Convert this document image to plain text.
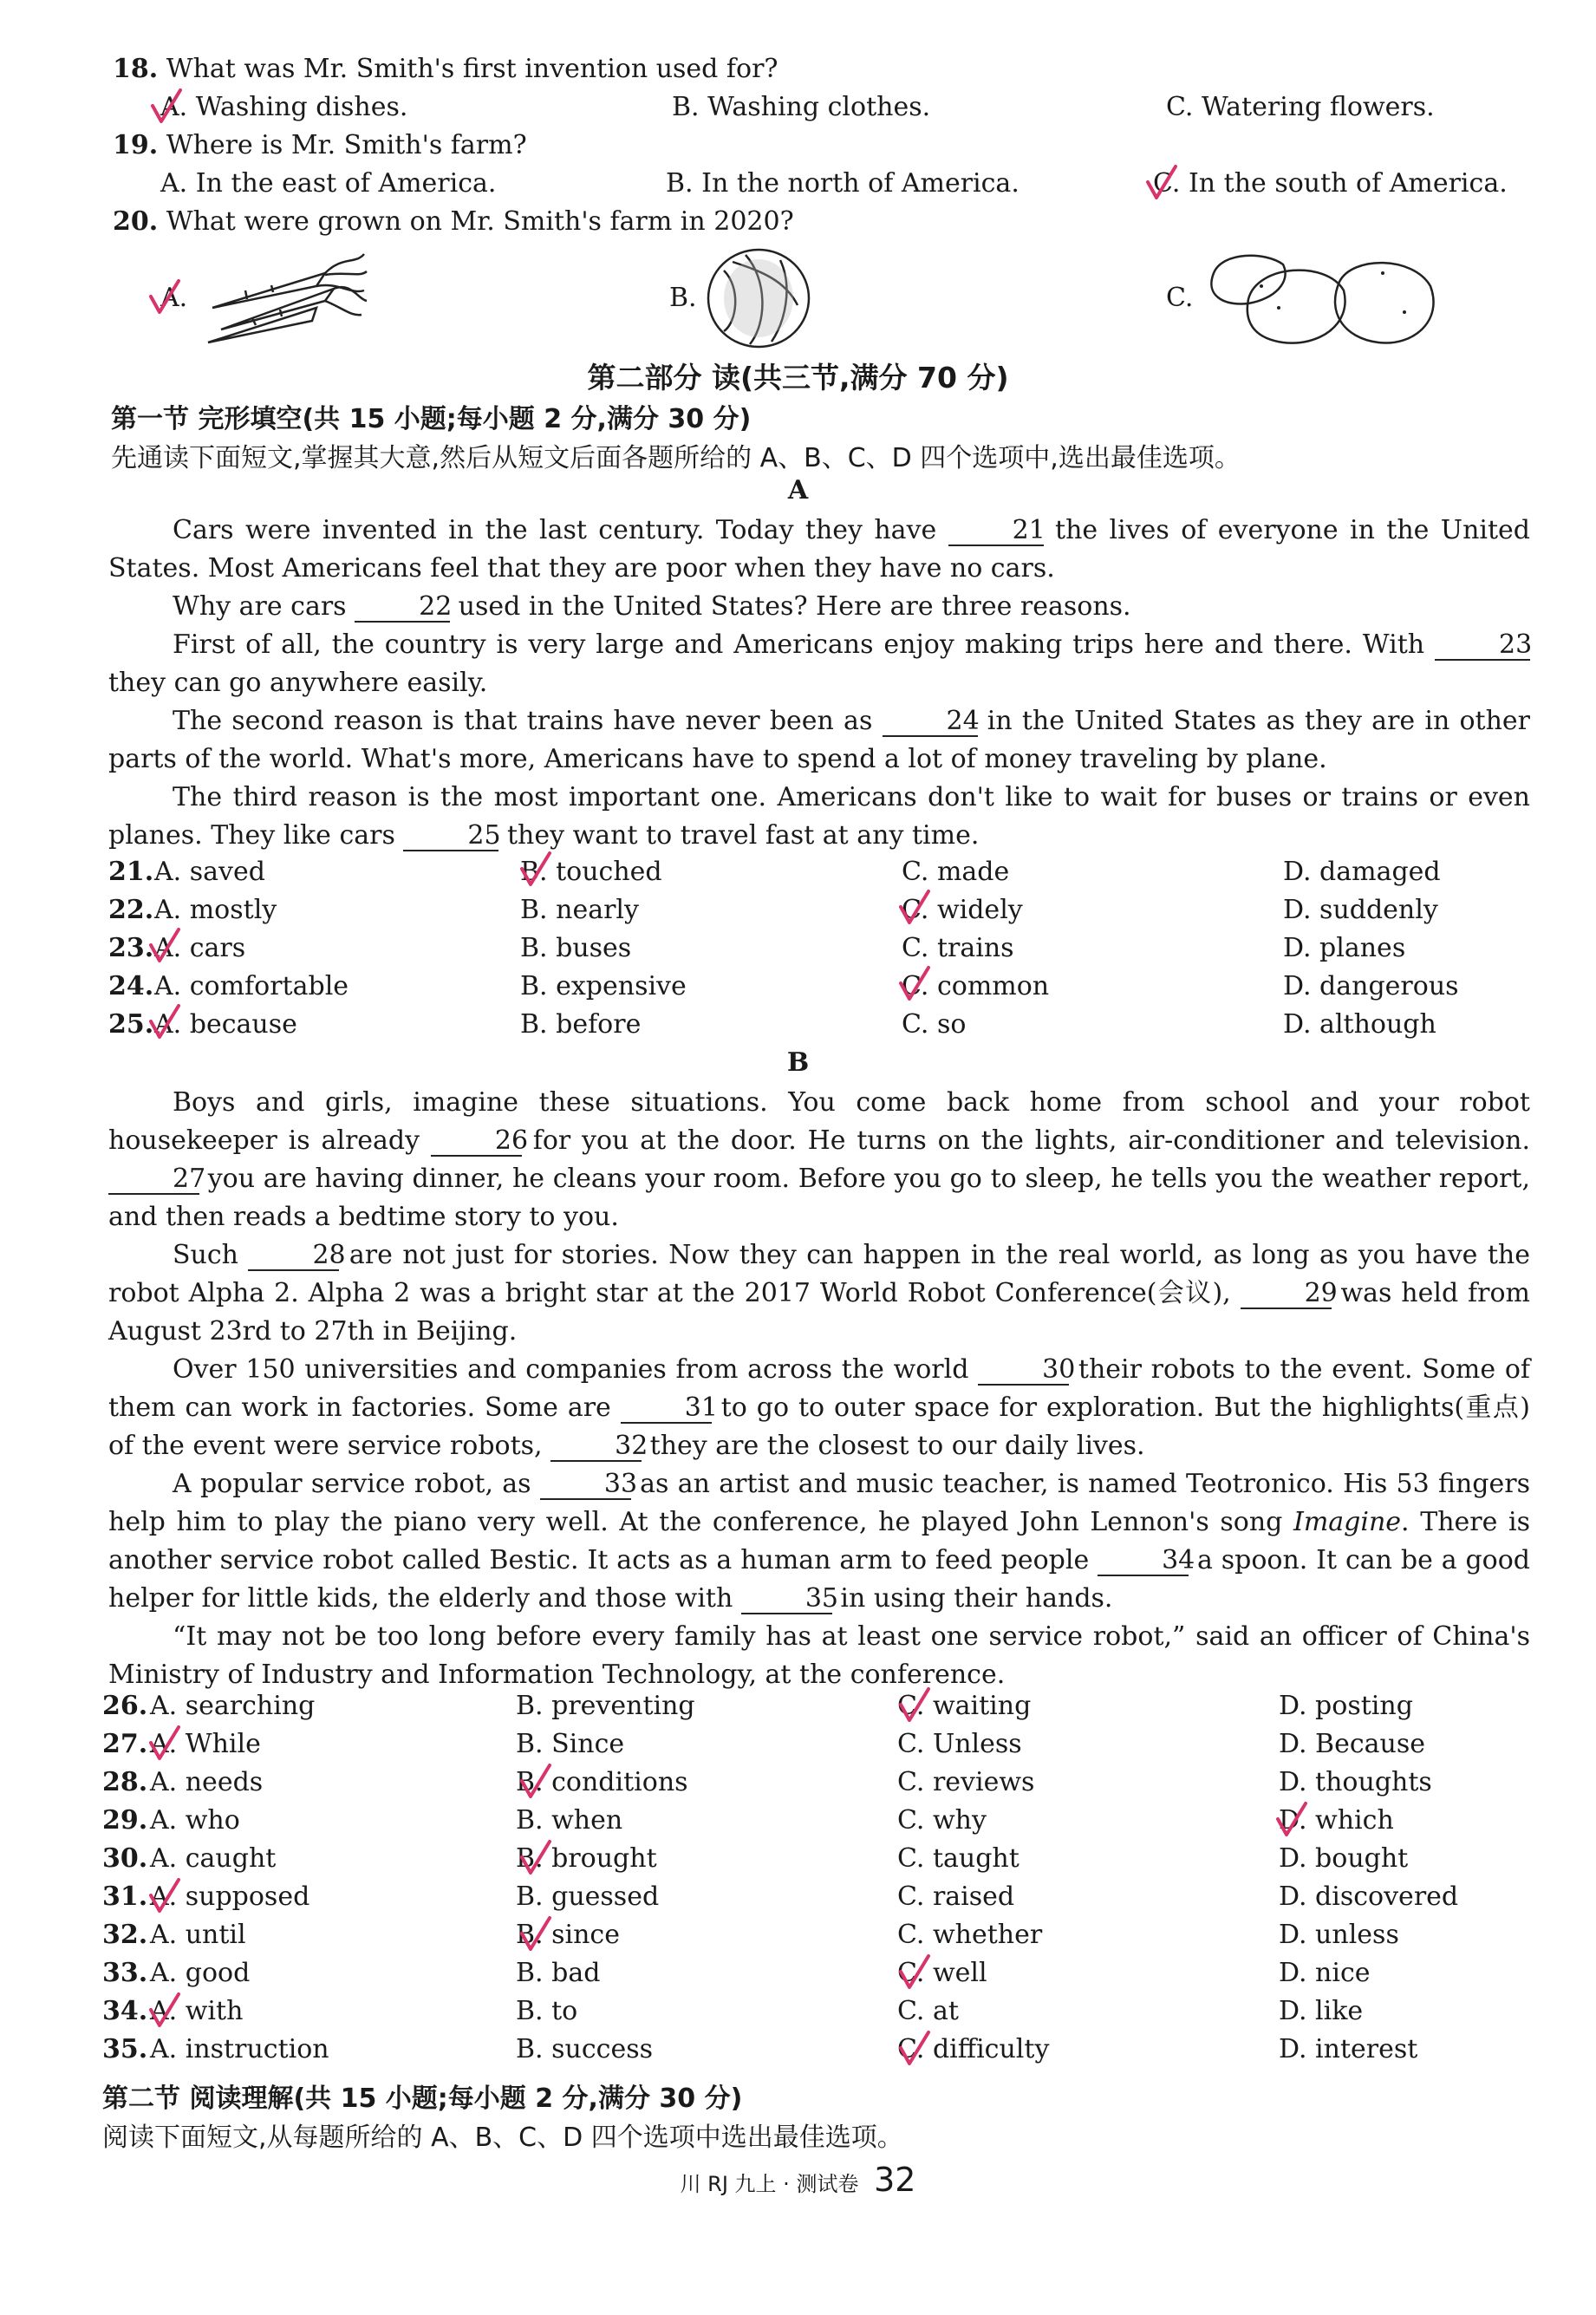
18. What was Mr. Smith's first invention used for?
A. Washing dishes.	B. Washing clothes.	C. Watering flowers.
19. Where is Mr. Smith's farm?
A. In the east of America.	B. In the north of America.	C. In the south of America.
20. What were grown on Mr. Smith's farm in 2020?
A.	B.	C.
第二部分 读(共三节,满分 70 分)
第一节 完形填空(共 15 小题;每小题 2 分,满分 30 分)
先通读下面短文,掌握其大意,然后从短文后面各题所给的 A、B、C、D 四个选项中,选出最佳选项。
A

Cars were invented in the last century. Today they have 21 the lives of everyone in the United States. Most Americans feel that they are poor when they have no cars.

Why are cars 22 used in the United States? Here are three reasons.

First of all, the country is very large and Americans enjoy making trips here and there. With 23 they can go anywhere easily.

The second reason is that trains have never been as 24 in the United States as they are in other parts of the world. What's more, Americans have to spend a lot of money traveling by plane.

The third reason is the most important one. Americans don't like to wait for buses or trains or even planes. They like cars 25 they want to travel fast at any time.

21. A. saved	B. touched	C. made	D. damaged
22. A. mostly	B. nearly	C. widely	D. suddenly
23. A. cars	B. buses	C. trains	D. planes
24. A. comfortable	B. expensive	C. common	D. dangerous
25. A. because	B. before	C. so	D. although
B

Boys and girls, imagine these situations. You come back home from school and your robot housekeeper is already 26 for you at the door. He turns on the lights, air-conditioner and television. 27 you are having dinner, he cleans your room. Before you go to sleep, he tells you the weather report, and then reads a bedtime story to you.

Such 28 are not just for stories. Now they can happen in the real world, as long as you have the robot Alpha 2. Alpha 2 was a bright star at the 2017 World Robot Conference(会议), 29 was held from August 23rd to 27th in Beijing.

Over 150 universities and companies from across the world 30 their robots to the event. Some of them can work in factories. Some are 31 to go to outer space for exploration. But the highlights(重点) of the event were service robots, 32 they are the closest to our daily lives.

A popular service robot, as 33 as an artist and music teacher, is named Teotronico. His 53 fingers help him to play the piano very well. At the conference, he played John Lennon's song Imagine. There is another service robot called Bestic. It acts as a human arm to feed people 34 a spoon. It can be a good helper for little kids, the elderly and those with 35 in using their hands.

“It may not be too long before every family has at least one service robot,” said an officer of China's Ministry of Industry and Information Technology, at the conference.

26. A. searching	B. preventing	C. waiting	D. posting
27. A. While	B. Since	C. Unless	D. Because
28. A. needs	B. conditions	C. reviews	D. thoughts
29. A. who	B. when	C. why	D. which
30. A. caught	B. brought	C. taught	D. bought
31. A. supposed	B. guessed	C. raised	D. discovered
32. A. until	B. since	C. whether	D. unless
33. A. good	B. bad	C. well	D. nice
34. A. with	B. to	C. at	D. like
35. A. instruction	B. success	C. difficulty	D. interest
第二节 阅读理解(共 15 小题;每小题 2 分,满分 30 分)
阅读下面短文,从每题所给的 A、B、C、D 四个选项中选出最佳选项。
川 RJ 九上 · 测试卷 32
